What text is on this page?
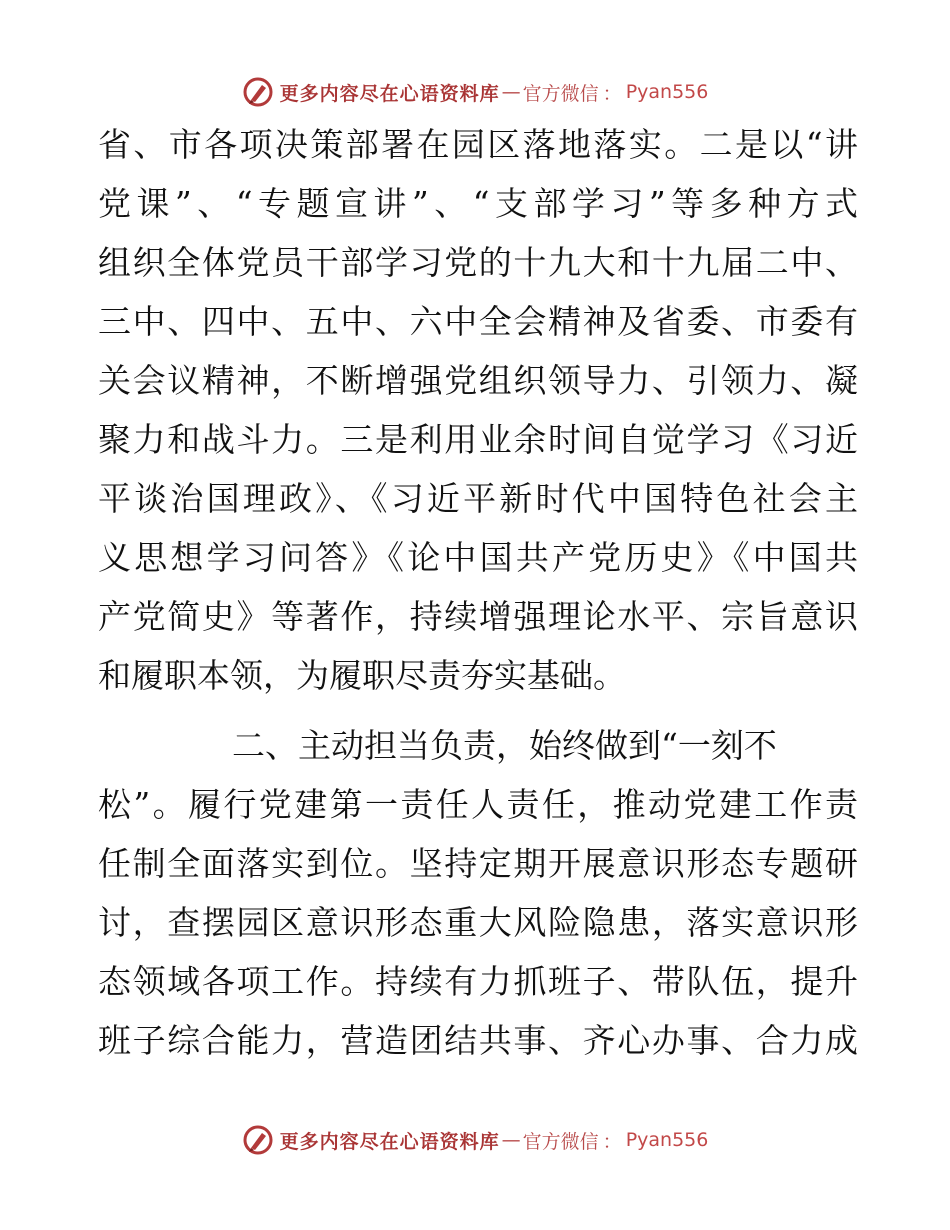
更多内容尽在心语资料库 — 官方微信 ： Pyan556
省、市各项决策部署在园区落地落实。二是以“讲
党课”、“专题宣讲”、“支部学习”等多种方式
组织全体党员干部学习党的十九大和十九届二中、
三中、四中、五中、六中全会精神及省委、市委有
关会议精神，不断增强党组织领导力、引领力、凝
聚力和战斗力。三是利用业余时间自觉学习《习近
平谈治国理政》、《习近平新时代中国特色社会主
义思想学习问答》《论中国共产党历史》《中国共
产党简史》等著作，持续增强理论水平、宗旨意识
和履职本领，为履职尽责夯实基础。
二、主动担当负责，始终做到“一刻不
松”。履行党建第一责任人责任，推动党建工作责
任制全面落实到位。坚持定期开展意识形态专题研
讨，查摆园区意识形态重大风险隐患，落实意识形
态领域各项工作。持续有力抓班子、带队伍，提升
班子综合能力，营造团结共事、齐心办事、合力成
更多内容尽在心语资料库 — 官方微信 ： Pyan556
